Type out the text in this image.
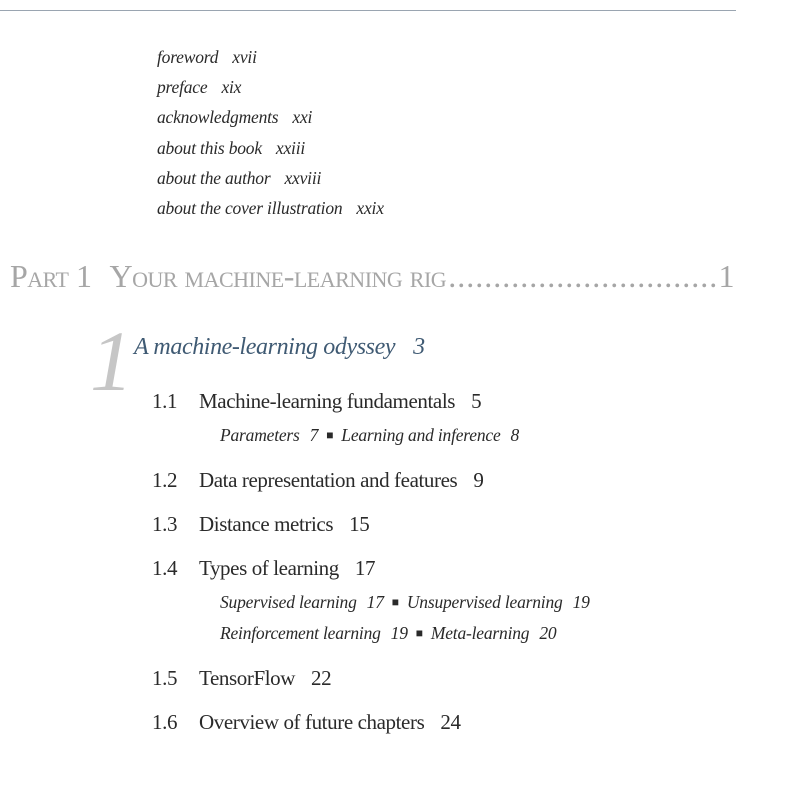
foreword xvii
preface xix
acknowledgments xxi
about this book xxiii
about the author xxviii
about the cover illustration xxix
Part 1 Your machine-learning rig
.....	1
1 A machine-learning odyssey 3
1.1 Machine-learning fundamentals 5
Parameters 7 ■ Learning and inference 8
1.2 Data representation and features 9
1.3 Distance metrics 15
1.4 Types of learning 17
Supervised learning 17 ■ Unsupervised learning 19
Reinforcement learning 19 ■ Meta-learning 20
1.5 TensorFlow 22
1.6 Overview of future chapters 24
